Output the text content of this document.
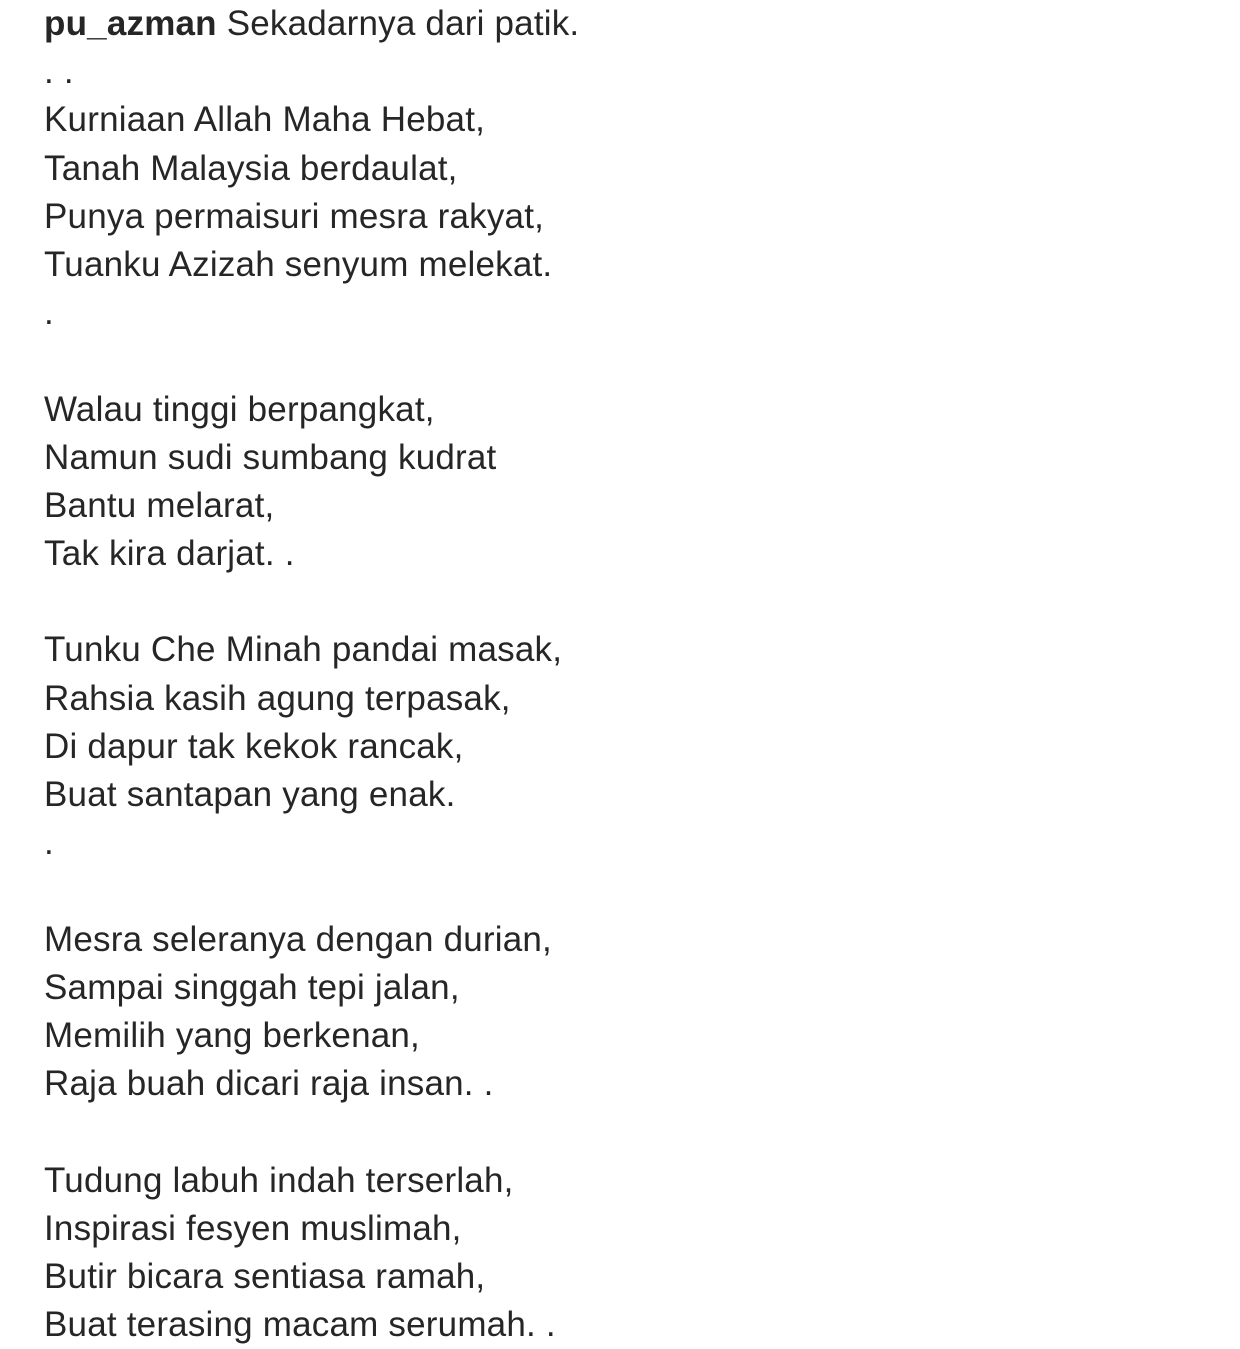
pu_azman Sekadarnya dari patik.
. .
Kurniaan Allah Maha Hebat,
Tanah Malaysia berdaulat,
Punya permaisuri mesra rakyat,
Tuanku Azizah senyum melekat.
.
Walau tinggi berpangkat,
Namun sudi sumbang kudrat
Bantu melarat,
Tak kira darjat. .
Tunku Che Minah pandai masak,
Rahsia kasih agung terpasak,
Di dapur tak kekok rancak,
Buat santapan yang enak.
.
Mesra seleranya dengan durian,
Sampai singgah tepi jalan,
Memilih yang berkenan,
Raja buah dicari raja insan. .
Tudung labuh indah terserlah,
Inspirasi fesyen muslimah,
Butir bicara sentiasa ramah,
Buat terasing macam serumah. .
